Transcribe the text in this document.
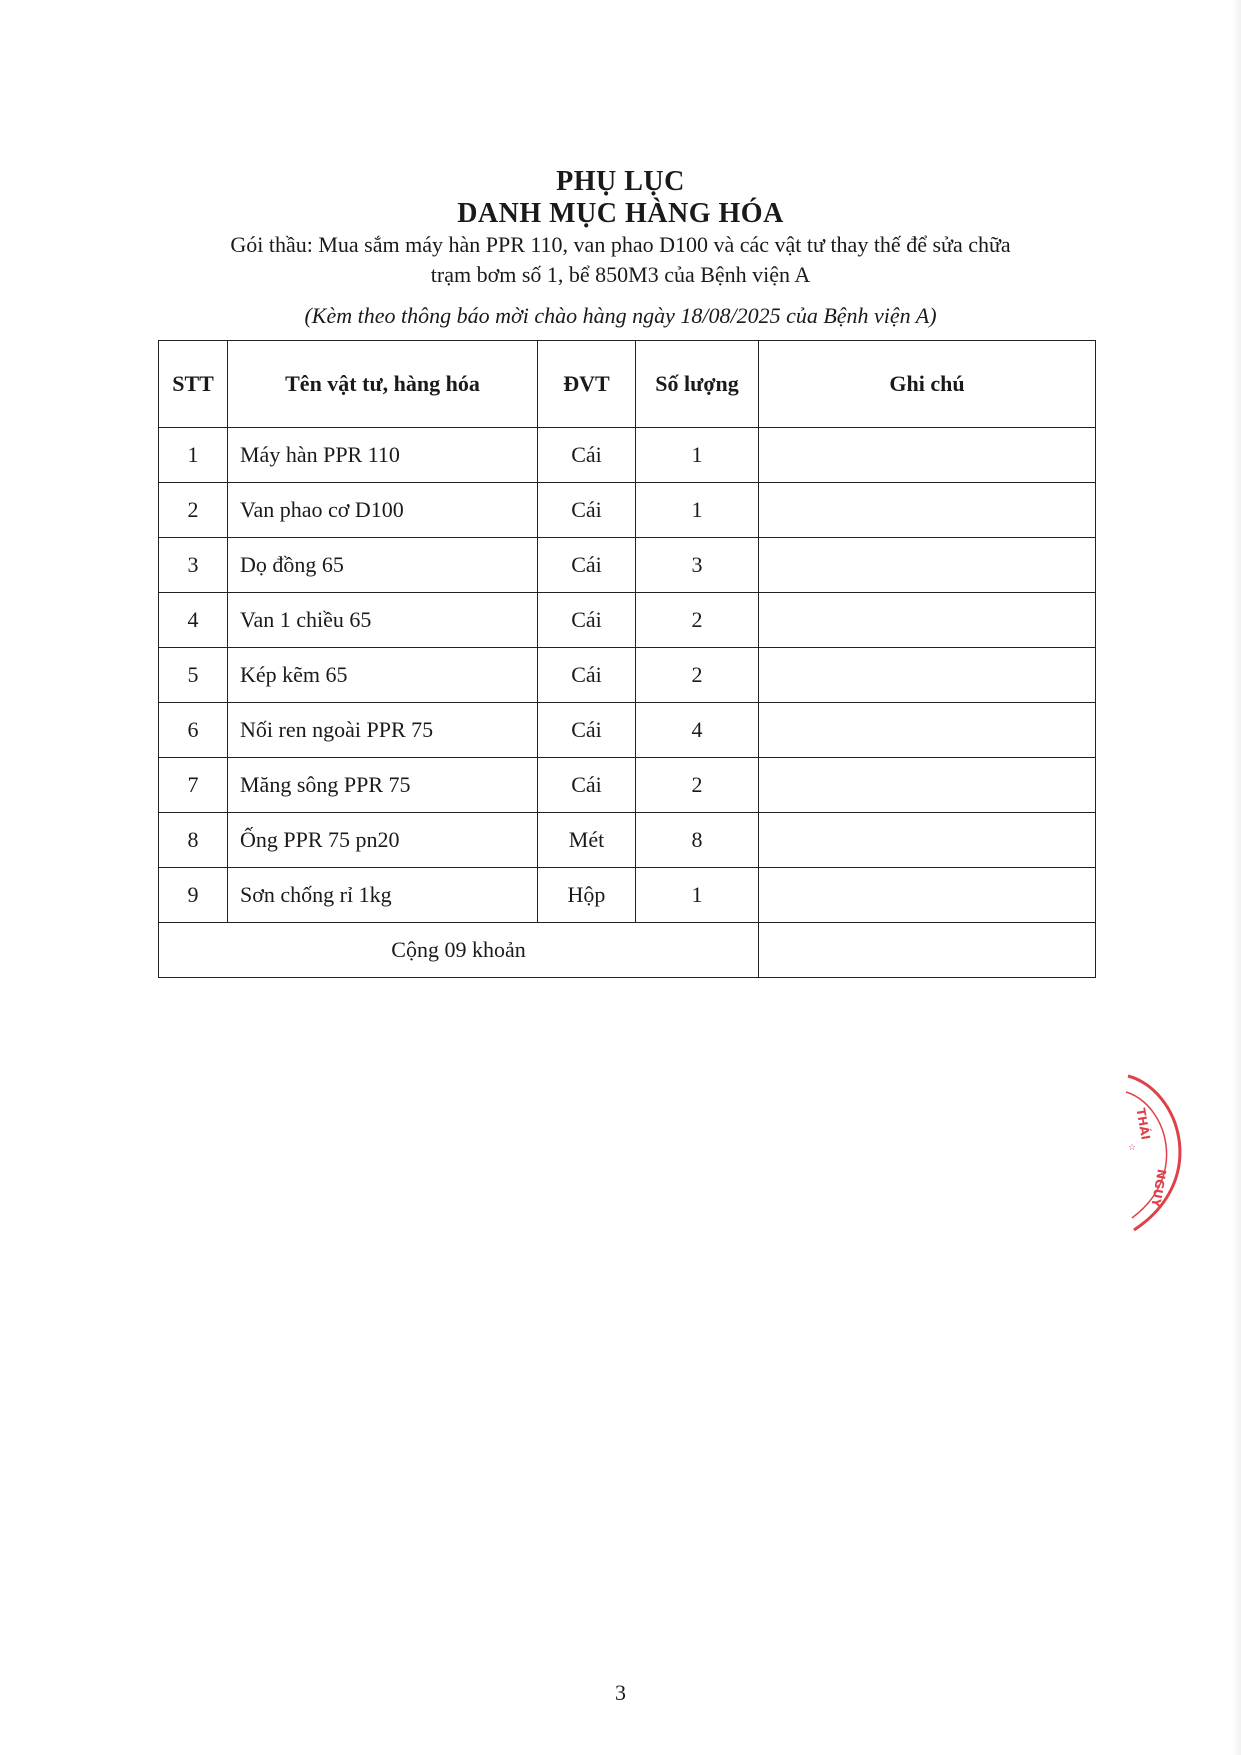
PHỤ LỤC
DANH MỤC HÀNG HÓA
Gói thầu: Mua sắm máy hàn PPR 110, van phao D100 và các vật tư thay thế để sửa chữa
trạm bơm số 1, bể 850M3 của Bệnh viện A
(Kèm theo thông báo mời chào hàng ngày 18/08/2025 của Bệnh viện A)
STT	Tên vật tư, hàng hóa	ĐVT	Số lượng	Ghi chú
1	Máy hàn PPR 110	Cái	1	
2	Van phao cơ D100	Cái	1	
3	Dọ đồng 65	Cái	3	
4	Van 1 chiều 65	Cái	2	
5	Kép kẽm 65	Cái	2	
6	Nối ren ngoài PPR 75	Cái	4	
7	Măng sông PPR 75	Cái	2	
8	Ống PPR 75 pn20	Mét	8	
9	Sơn chống rỉ 1kg	Hộp	1	
Cộng 09 khoản				
THÁI
NGUY
☆
3
